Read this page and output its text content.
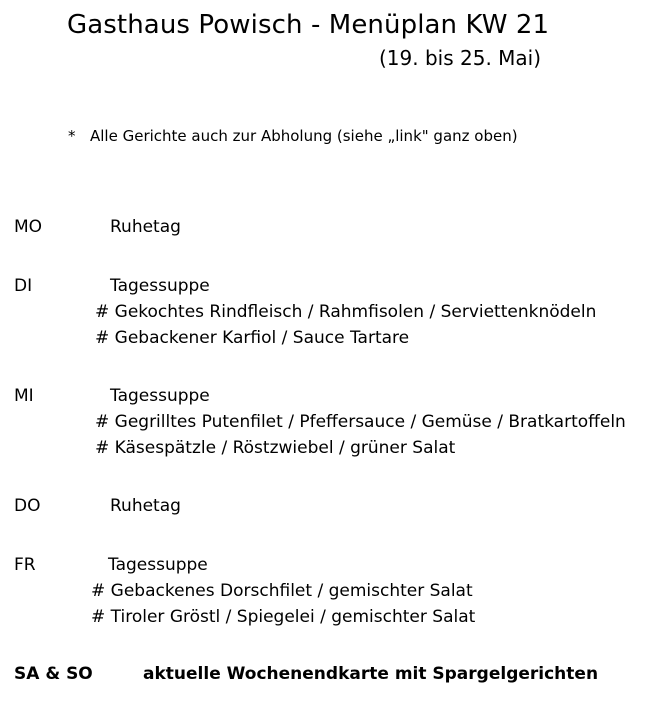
Gasthaus Powisch - Menüplan KW 21
(19. bis 25. Mai)
* Alle Gerichte auch zur Abholung (siehe „link" ganz oben)
MO	Ruhetag
DI	Tagessuppe
# Gekochtes Rindfleisch / Rahmfisolen / Serviettenknödeln
# Gebackener Karfiol / Sauce Tartare
MI	Tagessuppe
# Gegrilltes Putenfilet / Pfeffersauce / Gemüse / Bratkartoffeln
# Käsespätzle / Röstzwiebel / grüner Salat
DO	Ruhetag
FR	Tagessuppe
# Gebackenes Dorschfilet / gemischter Salat
# Tiroler Gröstl / Spiegelei / gemischter Salat
SA & SO	aktuelle Wochenendkarte mit Spargelgerichten
